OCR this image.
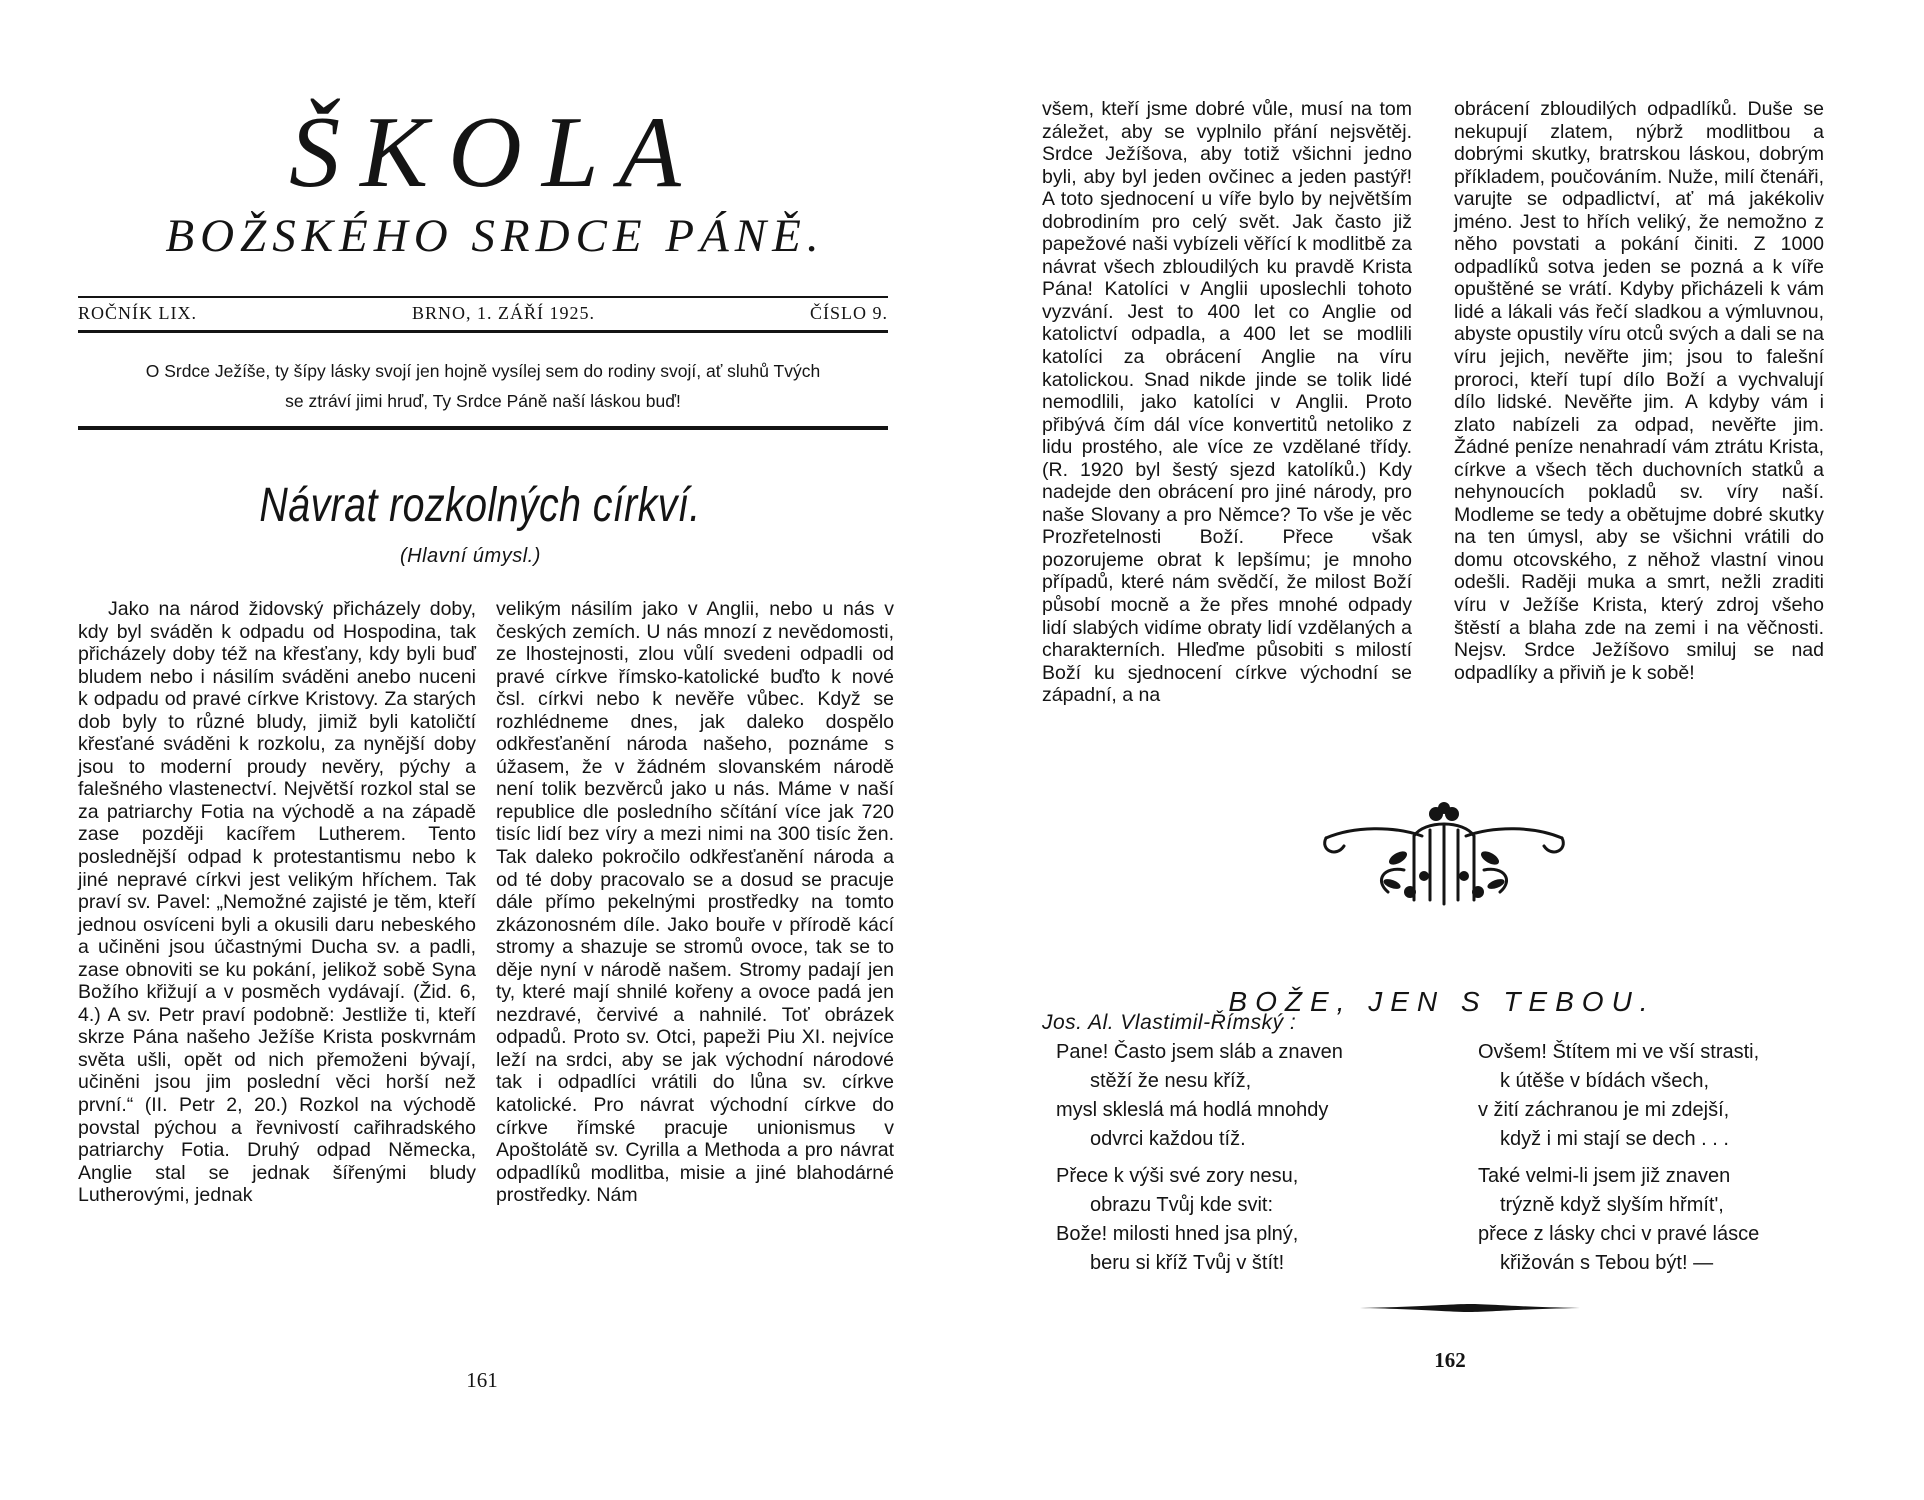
ŠKOLA
BOŽSKÉHO SRDCE PÁNĚ.
ROČNÍK LIX.	BRNO, 1. ZÁŘÍ 1925.	ČÍSLO 9.
O Srdce Ježíše, ty šípy lásky svojí jen hojně vysílej sem do rodiny svojí, ať sluhů Tvých
se ztráví jimi hruď, Ty Srdce Páně naší láskou buď!
Návrat rozkolných církví.
(Hlavní úmysl.)

Jako na národ židovský přicházely doby, kdy byl sváděn k odpadu od Hospodina, tak přicházely doby též na křesťany, kdy byli buď bludem nebo i násilím sváděni anebo nuceni k odpadu od pravé církve Kristovy. Za starých dob byly to různé bludy, jimiž byli katoličtí křesťané sváděni k rozkolu, za nynější doby jsou to moderní proudy nevěry, pýchy a falešného vlastenectví. Největší rozkol stal se za patriarchy Fotia na východě a na západě zase později kacířem Lutherem. Tento poslednější odpad k protestantismu nebo k jiné nepravé církvi jest velikým hříchem. Tak praví sv. Pavel: „Nemožné zajisté je těm, kteří jednou osvíceni byli a okusili daru nebeského a učiněni jsou účastnými Ducha sv. a padli, zase obnoviti se ku pokání, jelikož sobě Syna Božího křižují a v posměch vydávají. (Žid. 6, 4.) A sv. Petr praví podobně: Jestliže ti, kteří skrze Pána našeho Ježíše Krista poskvrnám světa ušli, opět od nich přemoženi bývají, učiněni jsou jim poslední věci horší než první.“ (II. Petr 2, 20.) Rozkol na východě povstal pýchou a řevnivostí cařihradského patriarchy Fotia. Druhý odpad Německa, Anglie stal se jednak šířenými bludy Lutherovými, jednak

velikým násilím jako v Anglii, nebo u nás v českých zemích. U nás mnozí z nevědomosti, ze lhostejnosti, zlou vůlí svedeni odpadli od pravé církve římsko-katolické buďto k nové čsl. církvi nebo k nevěře vůbec. Když se rozhlédneme dnes, jak daleko dospělo odkřesťanění národa našeho, poznáme s úžasem, že v žádném slovanském národě není tolik bezvěrců jako u nás. Máme v naší republice dle posledního sčítání více jak 720 tisíc lidí bez víry a mezi nimi na 300 tisíc žen. Tak daleko pokročilo odkřesťanění národa a od té doby pracovalo se a dosud se pracuje dále přímo pekelnými prostředky na tomto zkázonosném díle. Jako bouře v přírodě kácí stromy a shazuje se stromů ovoce, tak se to děje nyní v národě našem. Stromy padají jen ty, které mají shnilé kořeny a ovoce padá jen nezdravé, červivé a nahnilé. Toť obrázek odpadů. Proto sv. Otci, papeži Piu XI. nejvíce leží na srdci, aby se jak východní národové tak i odpadlíci vrátili do lůna sv. církve katolické. Pro návrat východní církve do církve římské pracuje unionismus v Apoštolátě sv. Cyrilla a Methoda a pro návrat odpadlíků modlitba, misie a jiné blahodárné prostředky. Nám

161

všem, kteří jsme dobré vůle, musí na tom záležet, aby se vyplnilo přání nejsvětěj. Srdce Ježíšova, aby totiž všichni jedno byli, aby byl jeden ovčinec a jeden pastýř! A toto sjednocení u víře bylo by největším dobrodiním pro celý svět. Jak často již papežové naši vybízeli věřící k modlitbě za návrat všech zbloudilých ku pravdě Krista Pána! Katolíci v Anglii uposlechli tohoto vyzvání. Jest to 400 let co Anglie od katolictví odpadla, a 400 let se modlili katolíci za obrácení Anglie na víru katolickou. Snad nikde jinde se tolik lidé nemodlili, jako katolíci v Anglii. Proto přibývá čím dál více konvertitů netoliko z lidu prostého, ale více ze vzdělané třídy. (R. 1920 byl šestý sjezd katolíků.) Kdy nadejde den obrácení pro jiné národy, pro naše Slovany a pro Němce? To vše je věc Prozřetelnosti Boží. Přece však pozorujeme obrat k lepšímu; je mnoho případů, které nám svědčí, že milost Boží působí mocně a že přes mnohé odpady lidí slabých vidíme obraty lidí vzdělaných a charakterních. Hleďme působiti s milostí Boží ku sjednocení církve východní se západní, a na

obrácení zbloudilých odpadlíků. Duše se nekupují zlatem, nýbrž modlitbou a dobrými skutky, bratrskou láskou, dobrým příkladem, poučováním. Nuže, milí čtenáři, varujte se odpadlictví, ať má jakékoliv jméno. Jest to hřích veliký, že nemožno z něho povstati a pokání činiti. Z 1000 odpadlíků sotva jeden se pozná a k víře opuštěné se vrátí. Kdyby přicházeli k vám lidé a lákali vás řečí sladkou a výmluvnou, abyste opustily víru otců svých a dali se na víru jejich, nevěřte jim; jsou to falešní proroci, kteří tupí dílo Boží a vychvalují dílo lidské. Nevěřte jim. A kdyby vám i zlato nabízeli za odpad, nevěřte jim. Žádné peníze nenahradí vám ztrátu Krista, církve a všech těch duchovních statků a nehynoucích pokladů sv. víry naší. Modleme se tedy a obětujme dobré skutky na ten úmysl, aby se všichni vrátili do domu otcovského, z něhož vlastní vinou odešli. Raději muka a smrt, nežli zraditi víru v Ježíše Krista, který zdroj všeho štěstí a blaha zde na zemi i na věčnosti. Nejsv. Srdce Ježíšovo smiluj se nad odpadlíky a přiviň je k sobě!

Jos. Al. Vlastimil-Římský :
BOŽE, JEN S TEBOU.
Pane! Často jsem sláb a znaven
stěží že nesu kříž,
mysl skleslá má hodlá mnohdy
odvrci každou tíž.
Přece k výši své zory nesu,
obrazu Tvůj kde svit:
Bože! milosti hned jsa plný,
beru si kříž Tvůj v štít!
Ovšem! Štítem mi ve vší strasti,
k útěše v bídách všech,
v žití záchranou je mi zdejší,
když i mi stají se dech . . .
Také velmi-li jsem již znaven
trýzně když slyším hřmít',
přece z lásky chci v pravé lásce
křižován s Tebou být! —
162
